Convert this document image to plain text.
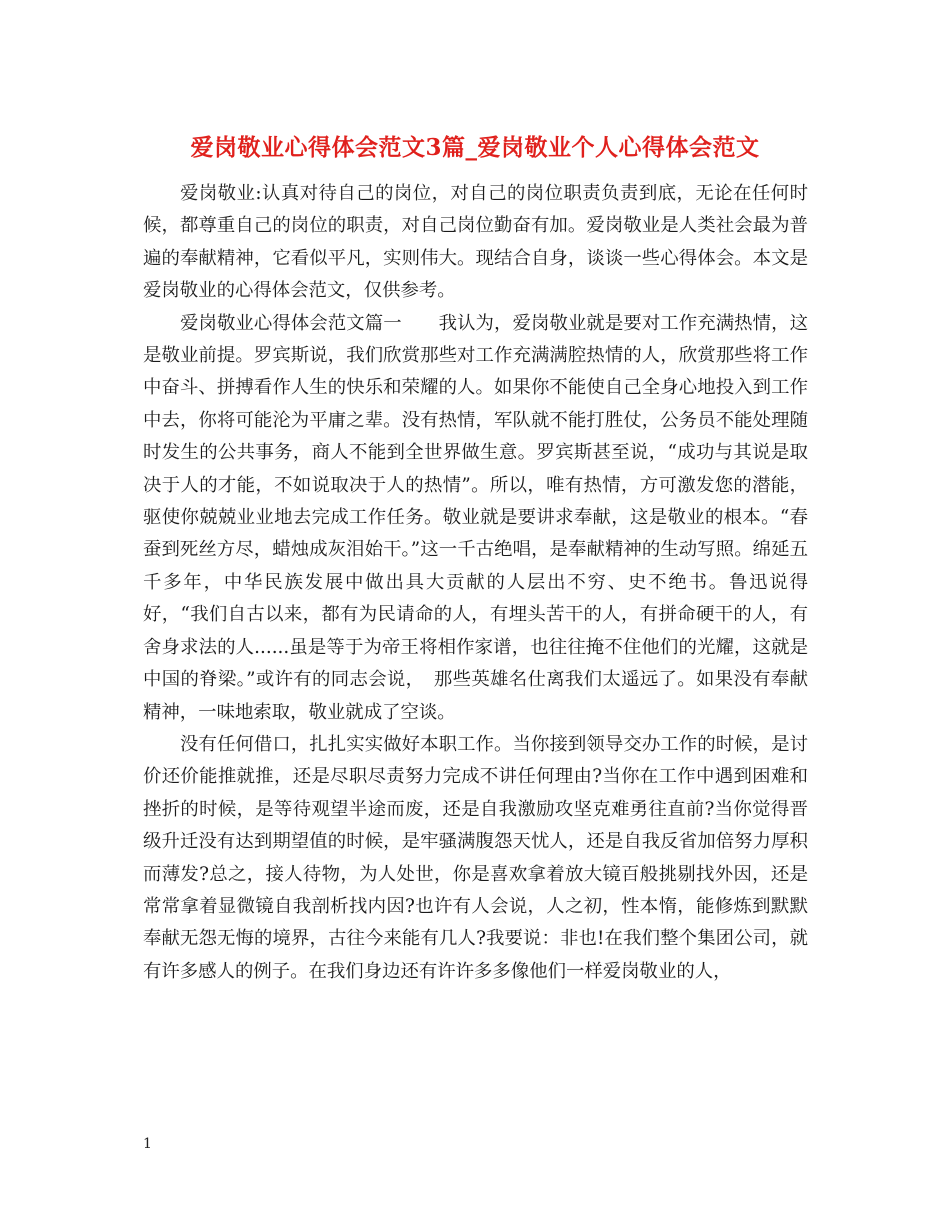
爱岗敬业心得体会范文3篇_爱岗敬业个人心得体会范文

爱岗敬业:认真对待自己的岗位，对自己的岗位职责负责到底，无论在任何时候，都尊重自己的岗位的职责，对自己岗位勤奋有加。爱岗敬业是人类社会最为普遍的奉献精神，它看似平凡，实则伟大。现结合自身，谈谈一些心得体会。本文是爱岗敬业的心得体会范文，仅供参考。

爱岗敬业心得体会范文篇一　　我认为，爱岗敬业就是要对工作充满热情，这是敬业前提。罗宾斯说，我们欣赏那些对工作充满满腔热情的人，欣赏那些将工作中奋斗、拼搏看作人生的快乐和荣耀的人。如果你不能使自己全身心地投入到工作中去，你将可能沦为平庸之辈。没有热情，军队就不能打胜仗，公务员不能处理随时发生的公共事务，商人不能到全世界做生意。罗宾斯甚至说，“成功与其说是取决于人的才能，不如说取决于人的热情”。所以，唯有热情，方可激发您的潜能，驱使你兢兢业业地去完成工作任务。敬业就是要讲求奉献，这是敬业的根本。“春蚕到死丝方尽，蜡烛成灰泪始干。”这一千古绝唱，是奉献精神的生动写照。绵延五千多年，中华民族发展中做出具大贡献的人层出不穷、史不绝书。鲁迅说得好，“我们自古以来，都有为民请命的人，有埋头苦干的人，有拼命硬干的人，有舍身求法的人......虽是等于为帝王将相作家谱，也往往掩不住他们的光耀，这就是中国的脊梁。”或许有的同志会说，　那些英雄名仕离我们太遥远了。如果没有奉献精神，一味地索取，敬业就成了空谈。

没有任何借口，扎扎实实做好本职工作。当你接到领导交办工作的时候，是讨价还价能推就推，还是尽职尽责努力完成不讲任何理由?当你在工作中遇到困难和挫折的时候，是等待观望半途而废，还是自我激励攻坚克难勇往直前?当你觉得晋级升迁没有达到期望值的时候，是牢骚满腹怨天忧人，还是自我反省加倍努力厚积而薄发?总之，接人待物，为人处世，你是喜欢拿着放大镜百般挑剔找外因，还是常常拿着显微镜自我剖析找内因?也许有人会说，人之初，性本惰，能修炼到默默奉献无怨无悔的境界，古往今来能有几人?我要说：非也!在我们整个集团公司，就有许多感人的例子。在我们身边还有许许多多像他们一样爱岗敬业的人，

1
